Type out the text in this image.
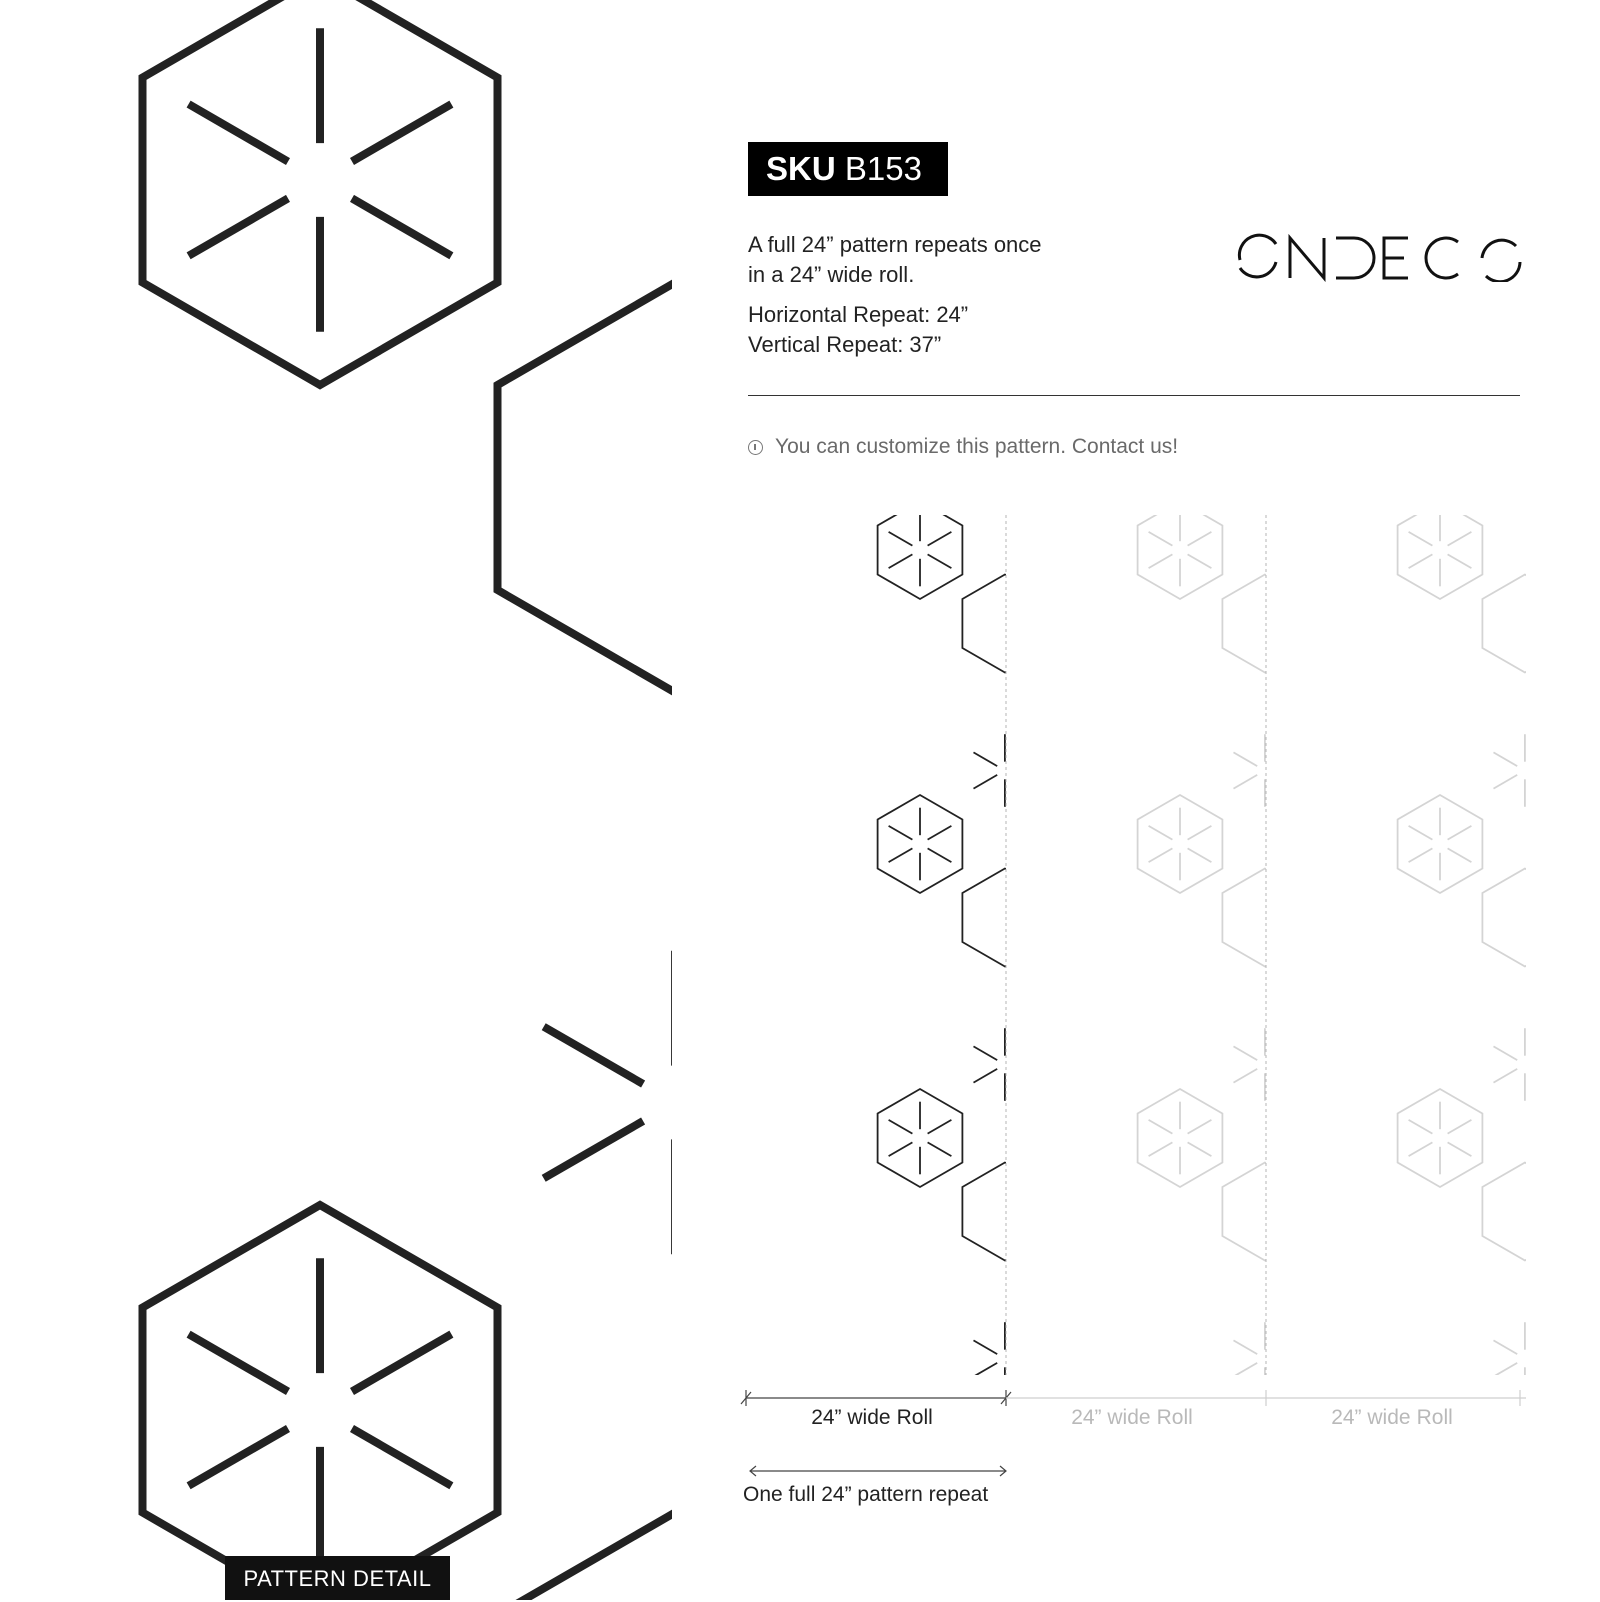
PATTERN DETAIL
SKU B153
A full 24” pattern repeats once
in a 24” wide roll.
Horizontal Repeat: 24”
Vertical Repeat: 37”
You can customize this pattern. Contact us!
24” wide Roll	24” wide Roll	24” wide Roll
One full 24” pattern repeat
